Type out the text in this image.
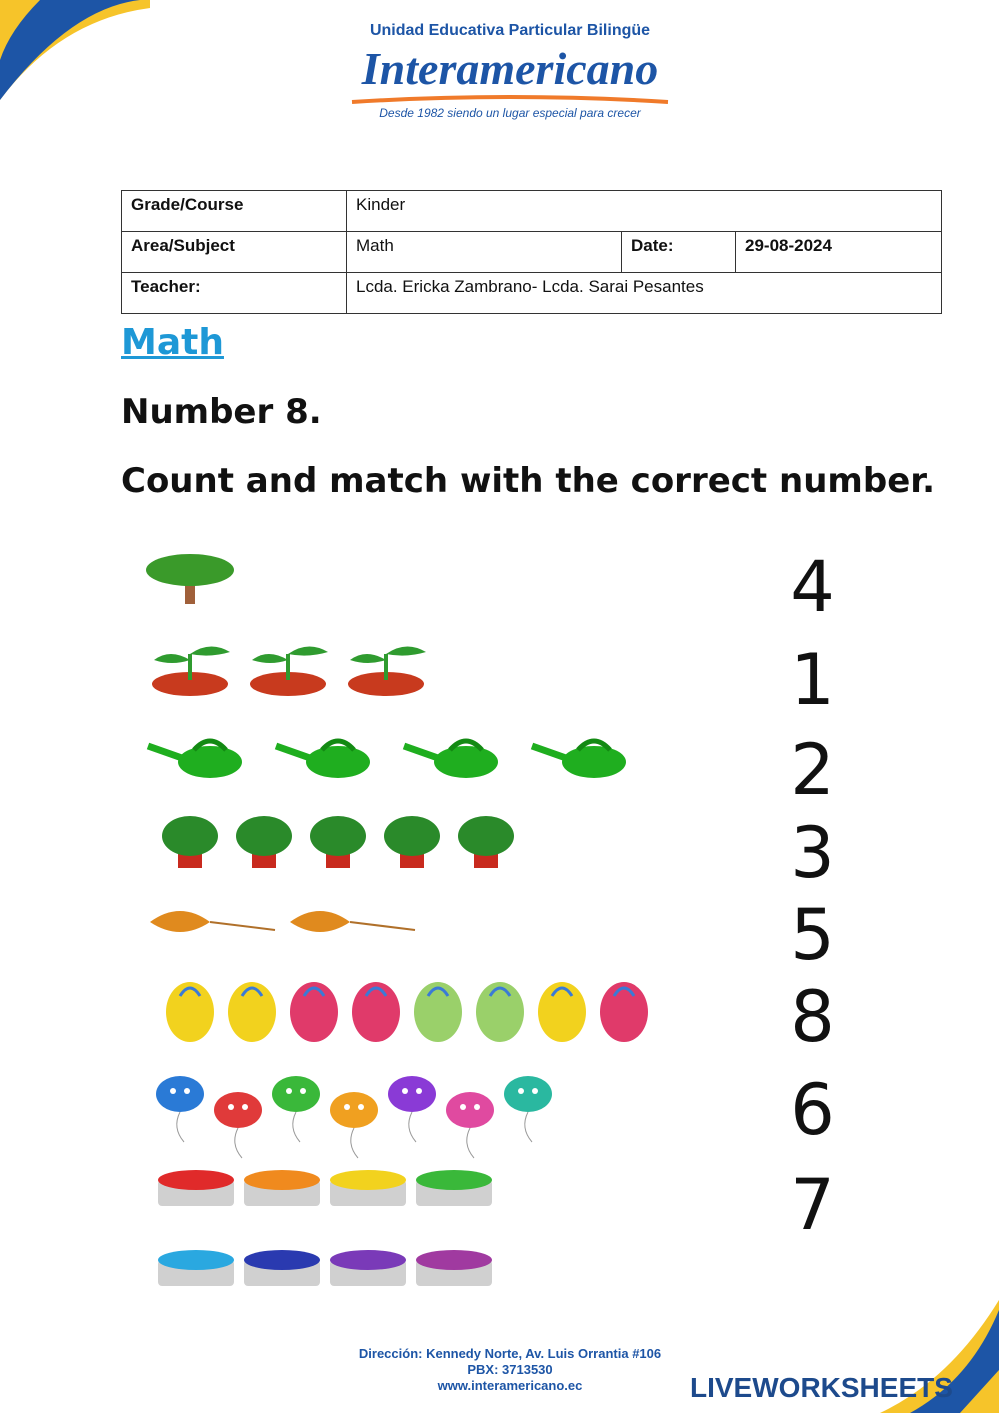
Unidad Educativa Particular Bilingüe
Interamericano
Desde 1982 siendo un lugar especial para crecer
Grade/Course	Kinder		
Area/Subject	Math	Date:	29-08-2024
Teacher:	Lcda. Ericka Zambrano- Lcda. Sarai Pesantes		
Math
Number 8.
Count and match with the correct number.
4
1
2
3
5
8
6
7
Dirección: Kennedy Norte, Av. Luis Orrantia #106
PBX: 3713530
www.interamericano.ec	LIVEWORKSHEETS
